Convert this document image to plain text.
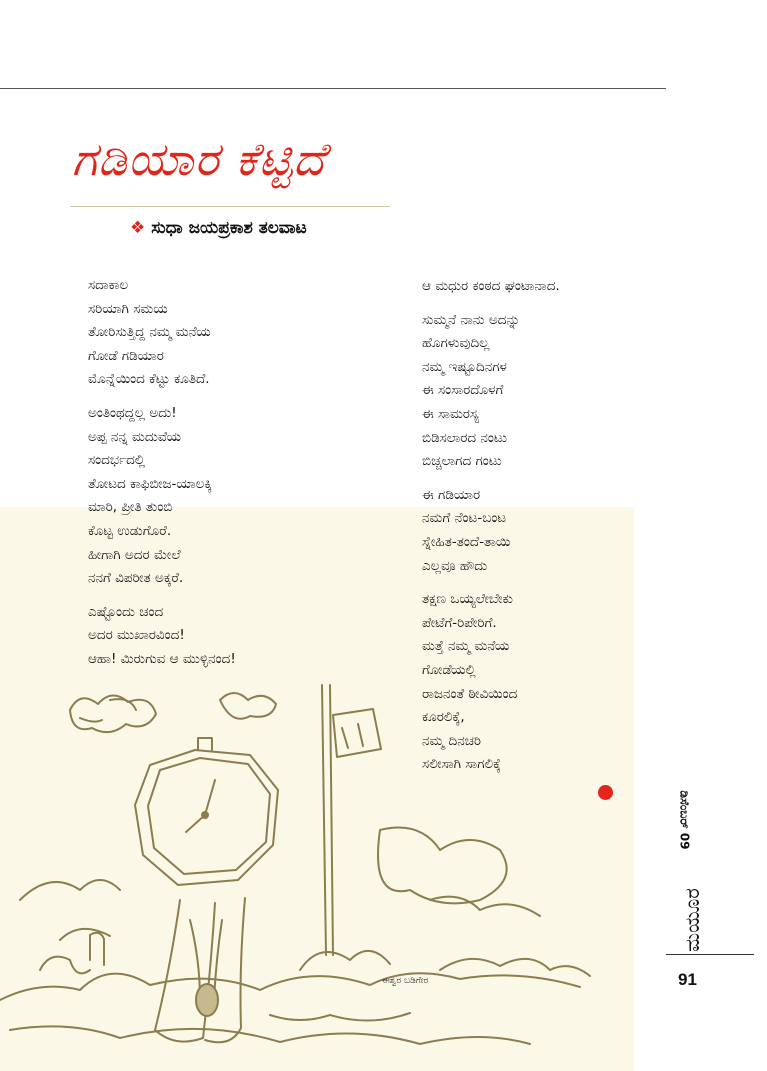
ಗಡಿಯಾರ ಕೆಟ್ಟಿದೆ
❖ ಸುಧಾ ಜಯಪ್ರಕಾಶ ತಲವಾಟ

ಸದಾಕಾಲ
ಸರಿಯಾಗಿ ಸಮಯ
ತೋರಿಸುತ್ತಿದ್ದ ನಮ್ಮ ಮನೆಯ
ಗೋಡೆ ಗಡಿಯಾರ
ಮೊನ್ನೆಯಿಂದ ಕೆಟ್ಟು ಕೂತಿದೆ.

ಅಂತಿಂಥದ್ದಲ್ಲ ಅದು!
ಅಪ್ಪ ನನ್ನ ಮದುವೆಯ
ಸಂದರ್ಭದಲ್ಲಿ
ತೋಟದ ಕಾಫಿಬೀಜ-ಯಾಲಕ್ಕಿ
ಮಾರಿ, ಪ್ರೀತಿ ತುಂಬಿ
ಕೊಟ್ಟ ಉಡುಗೊರೆ.
ಹೀಗಾಗಿ ಅದರ ಮೇಲೆ
ನನಗೆ ವಿಪರೀತ ಅಕ್ಕರೆ.

ಎಷ್ಟೊಂದು ಚಂದ
ಅದರ ಮುಖಾರವಿಂದ!
ಆಹಾ! ಮಿರುಗುವ ಆ ಮುಳ್ಳಿನಂದ!

ಆ ಮಧುರ ಕಂಠದ ಘಂಟಾನಾದ.

ಸುಮ್ಮನೆ ನಾನು ಅದನ್ನು
ಹೊಗಳುವುದಿಲ್ಲ
ನಮ್ಮ ಇಷ್ಟೂದಿನಗಳ
ಈ ಸಂಸಾರದೊಳಗೆ
ಈ ಸಾಮರಸ್ಯ
ಬಿಡಿಸಲಾರದ ನಂಟು
ಬಿಚ್ಚಲಾಗದ ಗಂಟು

ಈ ಗಡಿಯಾರ
ನಮಗೆ ನೆಂಟ-ಬಂಟ
ಸ್ನೇಹಿತ-ತಂದೆ-ತಾಯಿ
ಎಲ್ಲವೂ ಹೌದು

ತಕ್ಷಣ ಒಯ್ಯಲೇಬೇಕು
ಪೇಟೆಗೆ-ರಿಪೇರಿಗೆ.
ಮತ್ತೆ ನಮ್ಮ ಮನೆಯ
ಗೋಡೆಯಲ್ಲಿ
ರಾಜನಂತೆ ಠೀವಿಯಿಂದ
ಕೂರಲಿಕ್ಕೆ,
ನಮ್ಮ ದಿನಚರಿ
ಸಲೀಸಾಗಿ ಸಾಗಲಿಕ್ಕೆ

ಈಶ್ವರ ಬಡಿಗೇರ
ಡಿಸೆಂಬರ್ 09
ಮಯೂರ
91
